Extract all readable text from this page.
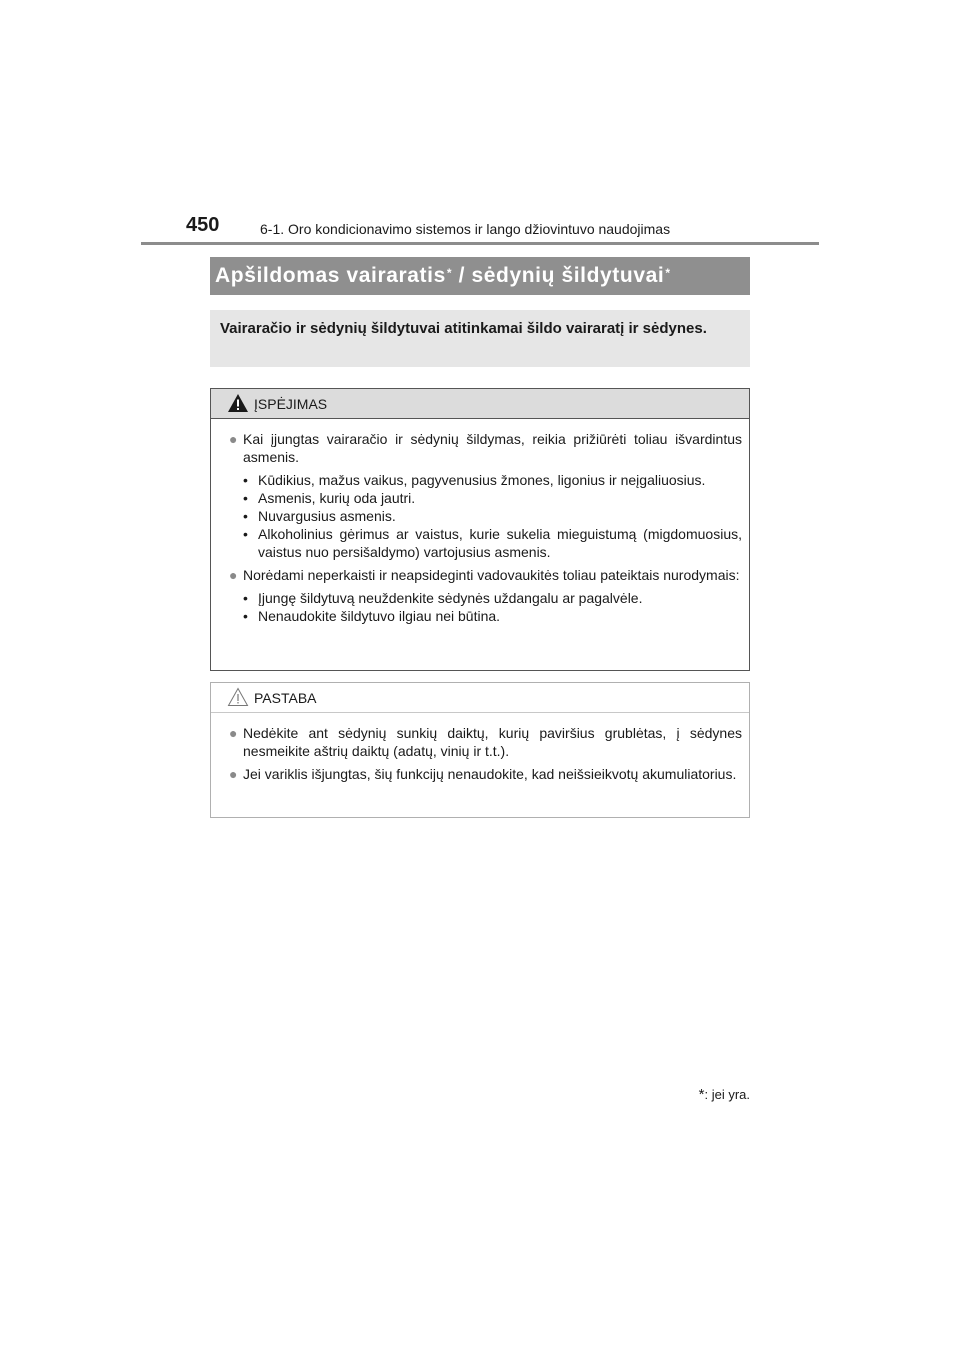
450	6-1. Oro kondicionavimo sistemos ir lango džiovintuvo naudojimas
Apšildomas vairaratis* / sėdynių šildytuvai*
Vairaračio ir sėdynių šildytuvai atitinkamai šildo vairaratį ir sėdynes.
ĮSPĖJIMAS
● Kai įjungtas vairaračio ir sėdynių šildymas, reikia prižiūrėti toliau išvardintus asmenis.
• Kūdikius, mažus vaikus, pagyvenusius žmones, ligonius ir neįgaliuosius.
• Asmenis, kurių oda jautri.
• Nuvargusius asmenis.
• Alkoholinius gėrimus ar vaistus, kurie sukelia mieguistumą (migdomuosius, vaistus nuo persišaldymo) vartojusius asmenis.
● Norėdami neperkaisti ir neapsideginti vadovaukitės toliau pateiktais nurodymais:
• Įjungę šildytuvą neuždenkite sėdynės uždangalu ar pagalvėle.
• Nenaudokite šildytuvo ilgiau nei būtina.
PASTABA
● Nedėkite ant sėdynių sunkių daiktų, kurių paviršius grublėtas, į sėdynes nesmeikite aštrių daiktų (adatų, vinių ir t.t.).
● Jei variklis išjungtas, šių funkcijų nenaudokite, kad neišsieikvotų akumuliatorius.
*: jei yra.
